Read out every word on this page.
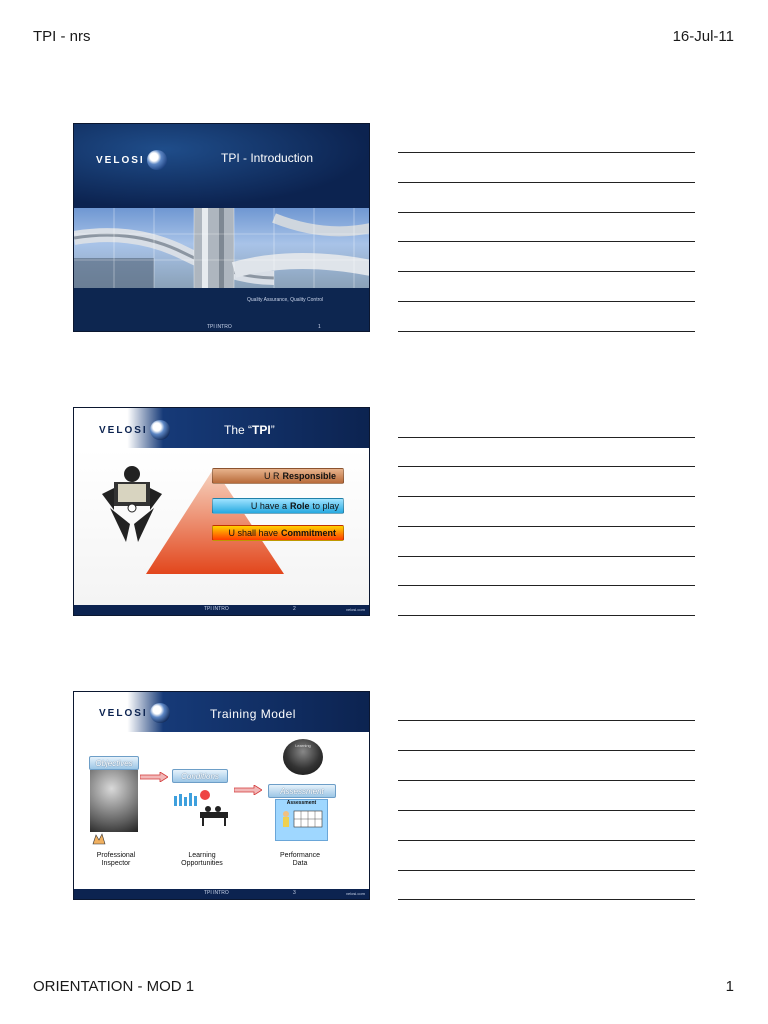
TPI - nrs	16-Jul-11
VELOSI	TPI - Introduction
Quality Assurance, Quality Control
TPI INTRO	1
VELOSI	The “TPI”
U R Responsible
U have a Role to play
U shall have Commitment
TPI INTRO	2	velosi.com
VELOSI	Training Model
Learning
Objectives
Conditions
Assessment
Assessment
Professional
Inspector
Learning
Opportunities
Performance
Data
TPI INTRO	3	velosi.com
ORIENTATION - MOD 1	1
